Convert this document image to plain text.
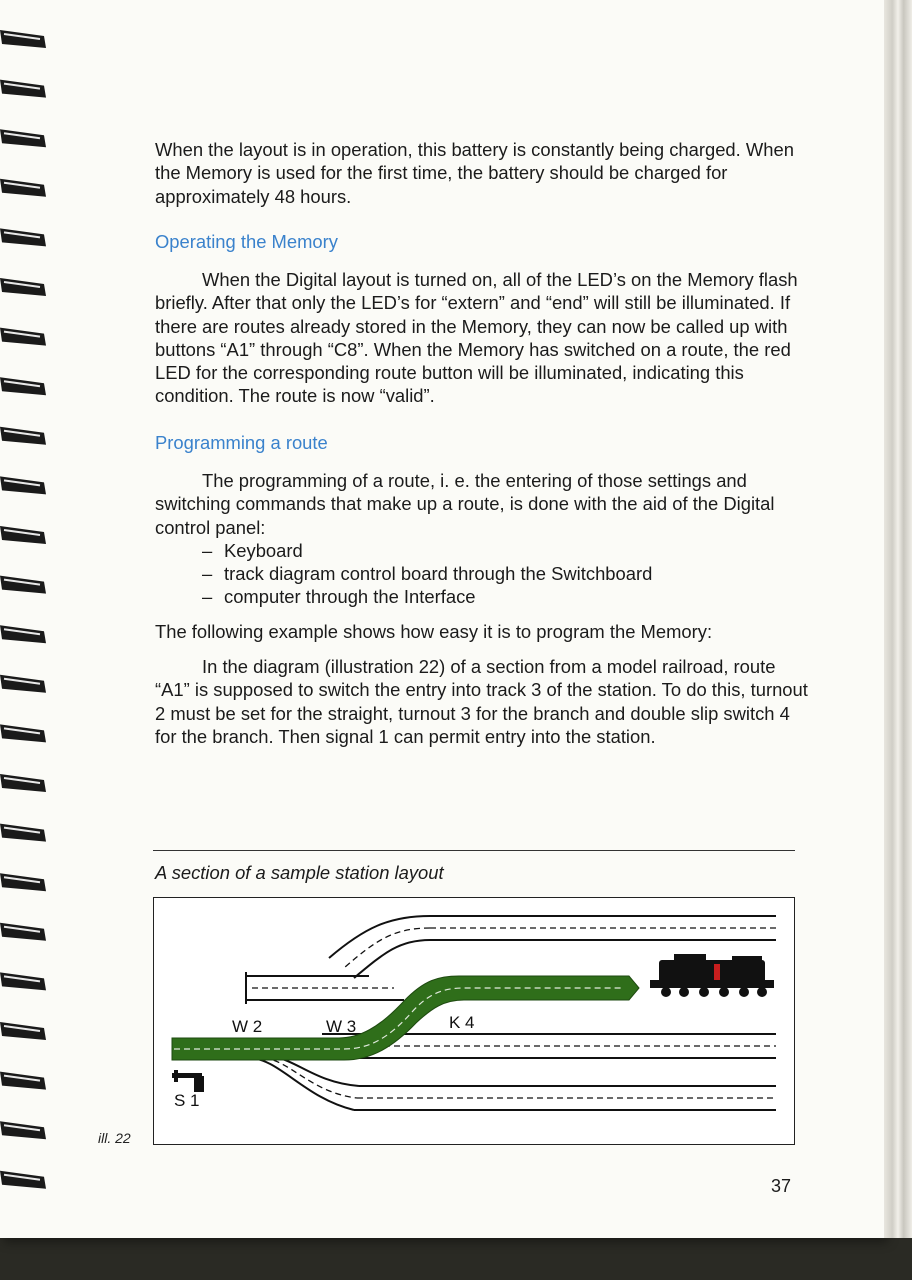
When the layout is in operation, this battery is constantly being charged. When the Memory is used for the first time, the battery should be charged for approximately 48 hours.

Operating the Memory

When the Digital layout is turned on, all of the LED’s on the Memory flash briefly. After that only the LED’s for “extern” and “end” will still be illuminated. If there are routes already stored in the Memory, they can now be called up with buttons “A1” through “C8”. When the Memory has switched on a route, the red LED for the corresponding route button will be illuminated, indicating this condition. The route is now “valid”.

Programming a route

The programming of a route, i. e. the entering of those settings and switching commands that make up a route, is done with the aid of the Digital control panel:

– Keyboard
– track diagram control board through the Switchboard
– computer through the Interface

The following example shows how easy it is to program the Memory:

In the diagram (illustration 22) of a section from a model railroad, route “A1” is supposed to switch the entry into track 3 of the station. To do this, turnout 2 must be set for the straight, turnout 3 for the branch and double slip switch 4 for the branch. Then signal 1 can permit entry into the station.

A section of a sample station layout
W 2	W 3	K 4
S 1
ill. 22
37
